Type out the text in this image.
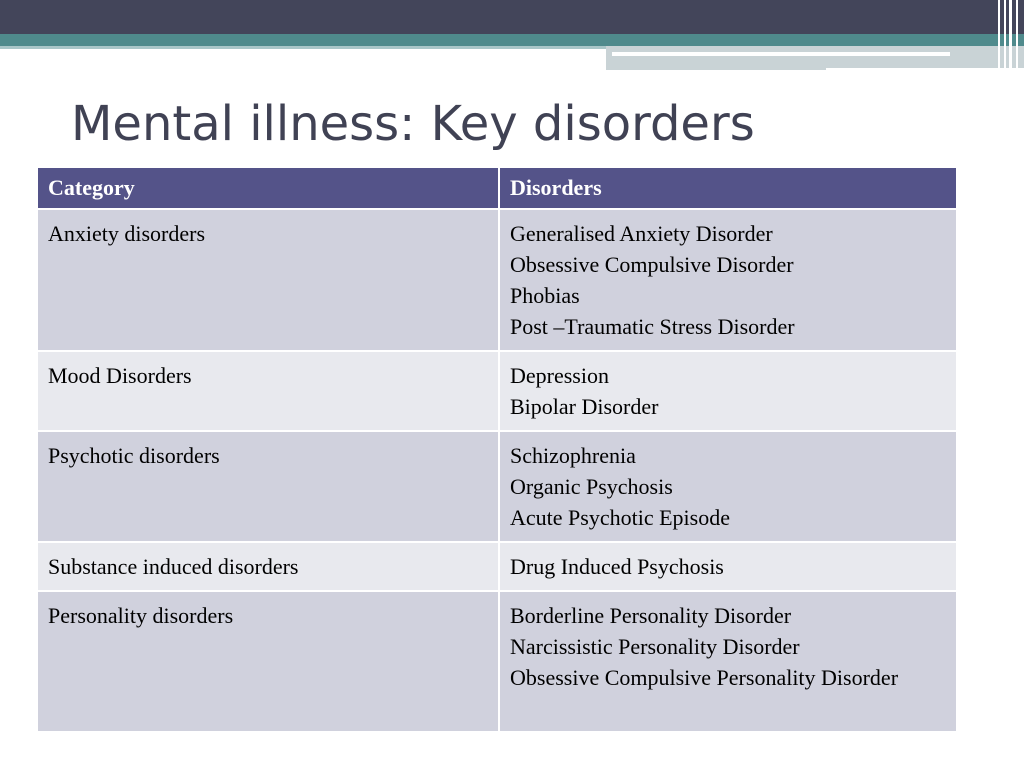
Mental illness: Key disorders
Category	Disorders
Anxiety disorders	Generalised Anxiety Disorder
Obsessive Compulsive Disorder
Phobias
Post –Traumatic Stress Disorder

Mood Disorders	Depression
Bipolar Disorder

Psychotic disorders	Schizophrenia
Organic Psychosis
Acute Psychotic Episode

Substance induced disorders	Drug Induced Psychosis

Personality disorders	Borderline Personality Disorder
Narcissistic Personality Disorder
Obsessive Compulsive Personality Disorder
